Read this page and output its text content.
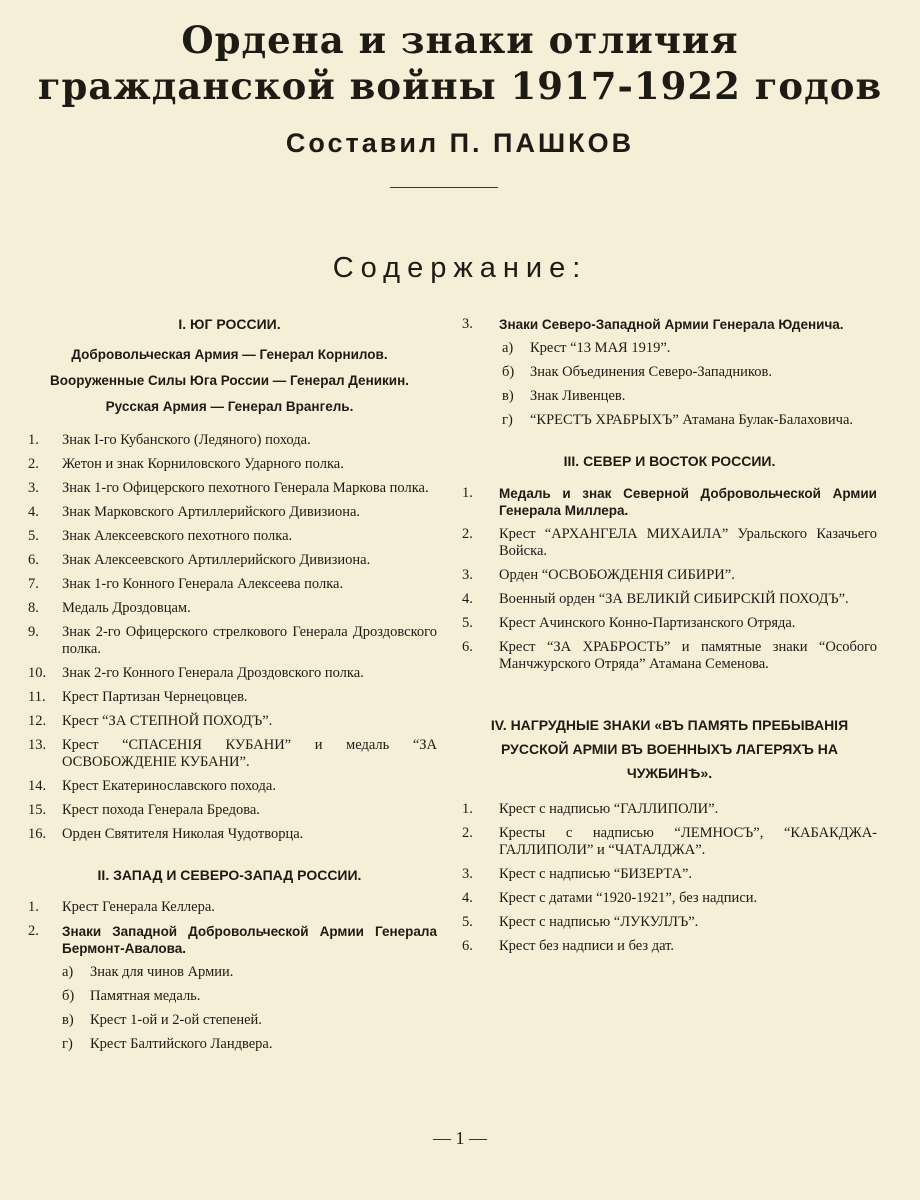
Ордена и знаки отличия
гражданской войны 1917-1922 годов
Составил П. ПАШКОВ
Содержание:
I. ЮГ РОССИИ.
Добровольческая Армия — Генерал Корнилов.
Вооруженные Силы Юга России — Генерал Деникин.
Русская Армия — Генерал Врангель.
1.	Знак I-го Кубанского (Ледяного) похода.
2.	Жетон и знак Корниловского Ударного полка.
3.	Знак 1-го Офицерского пехотного Генерала Маркова полка.
4.	Знак Марковского Артиллерийского Дивизиона.
5.	Знак Алексеевского пехотного полка.
6.	Знак Алексеевского Артиллерийского Дивизиона.
7.	Знак 1-го Конного Генерала Алексеева полка.
8.	Медаль Дроздовцам.
9.	Знак 2-го Офицерского стрелкового Генерала Дроздовского полка.
10.	Знак 2-го Конного Генерала Дроздовского полка.
11.	Крест Партизан Чернецовцев.
12.	Крест “ЗА СТЕПНОЙ ПОХОДЪ”.
13.	Крест “СПАСЕНІЯ КУБАНИ” и медаль “ЗА ОСВОБОЖДЕНІЕ КУБАНИ”.
14.	Крест Екатеринославского похода.
15.	Крест похода Генерала Бредова.
16.	Орден Святителя Николая Чудотворца.
II. ЗАПАД И СЕВЕРО-ЗАПАД РОССИИ.
1.	Крест Генерала Келлера.
2.	Знаки Западной Добровольческой Армии Генерала Бермонт-Авалова.
а)	Знак для чинов Армии.
б)	Памятная медаль.
в)	Крест 1-ой и 2-ой степеней.
г)	Крест Балтийского Ландвера.
3.	Знаки Северо-Западной Армии Генерала Юденича.
а)	Крест “13 МАЯ 1919”.
б)	Знак Объединения Северо-Западников.
в)	Знак Ливенцев.
г)	“КРЕСТЪ ХРАБРЫХЪ” Атамана Булак-Балаховича.
III. СЕВЕР И ВОСТОК РОССИИ.
1.	Медаль и знак Северной Добровольческой Армии Генерала Миллера.
2.	Крест “АРХАНГЕЛА МИХАИЛА” Уральского Казачьего Войска.
3.	Орден “ОСВОБОЖДЕНІЯ СИБИРИ”.
4.	Военный орден “ЗА ВЕЛИКІЙ СИБИРСКІЙ ПОХОДЪ”.
5.	Крест Ачинского Конно-Партизанского Отряда.
6.	Крест “ЗА ХРАБРОСТЬ” и памятные знаки “Особого Манчжурского Отряда” Атамана Семенова.
IV. НАГРУДНЫЕ ЗНАКИ «ВЪ ПАМЯТЬ ПРЕБЫВАНІЯ РУССКОЙ АРМІИ ВЪ ВОЕННЫХЪ ЛАГЕРЯХЪ НА ЧУЖБИНѢ».
1.	Крест с надписью “ГАЛЛИПОЛИ”.
2.	Кресты с надписью “ЛЕМНОСЪ”, “КАБАКДЖА-ГАЛЛИПОЛИ” и “ЧАТАЛДЖА”.
3.	Крест с надписью “БИЗЕРТА”.
4.	Крест с датами “1920-1921”, без надписи.
5.	Крест с надписью “ЛУКУЛЛЪ”.
6.	Крест без надписи и без дат.
— 1 —
